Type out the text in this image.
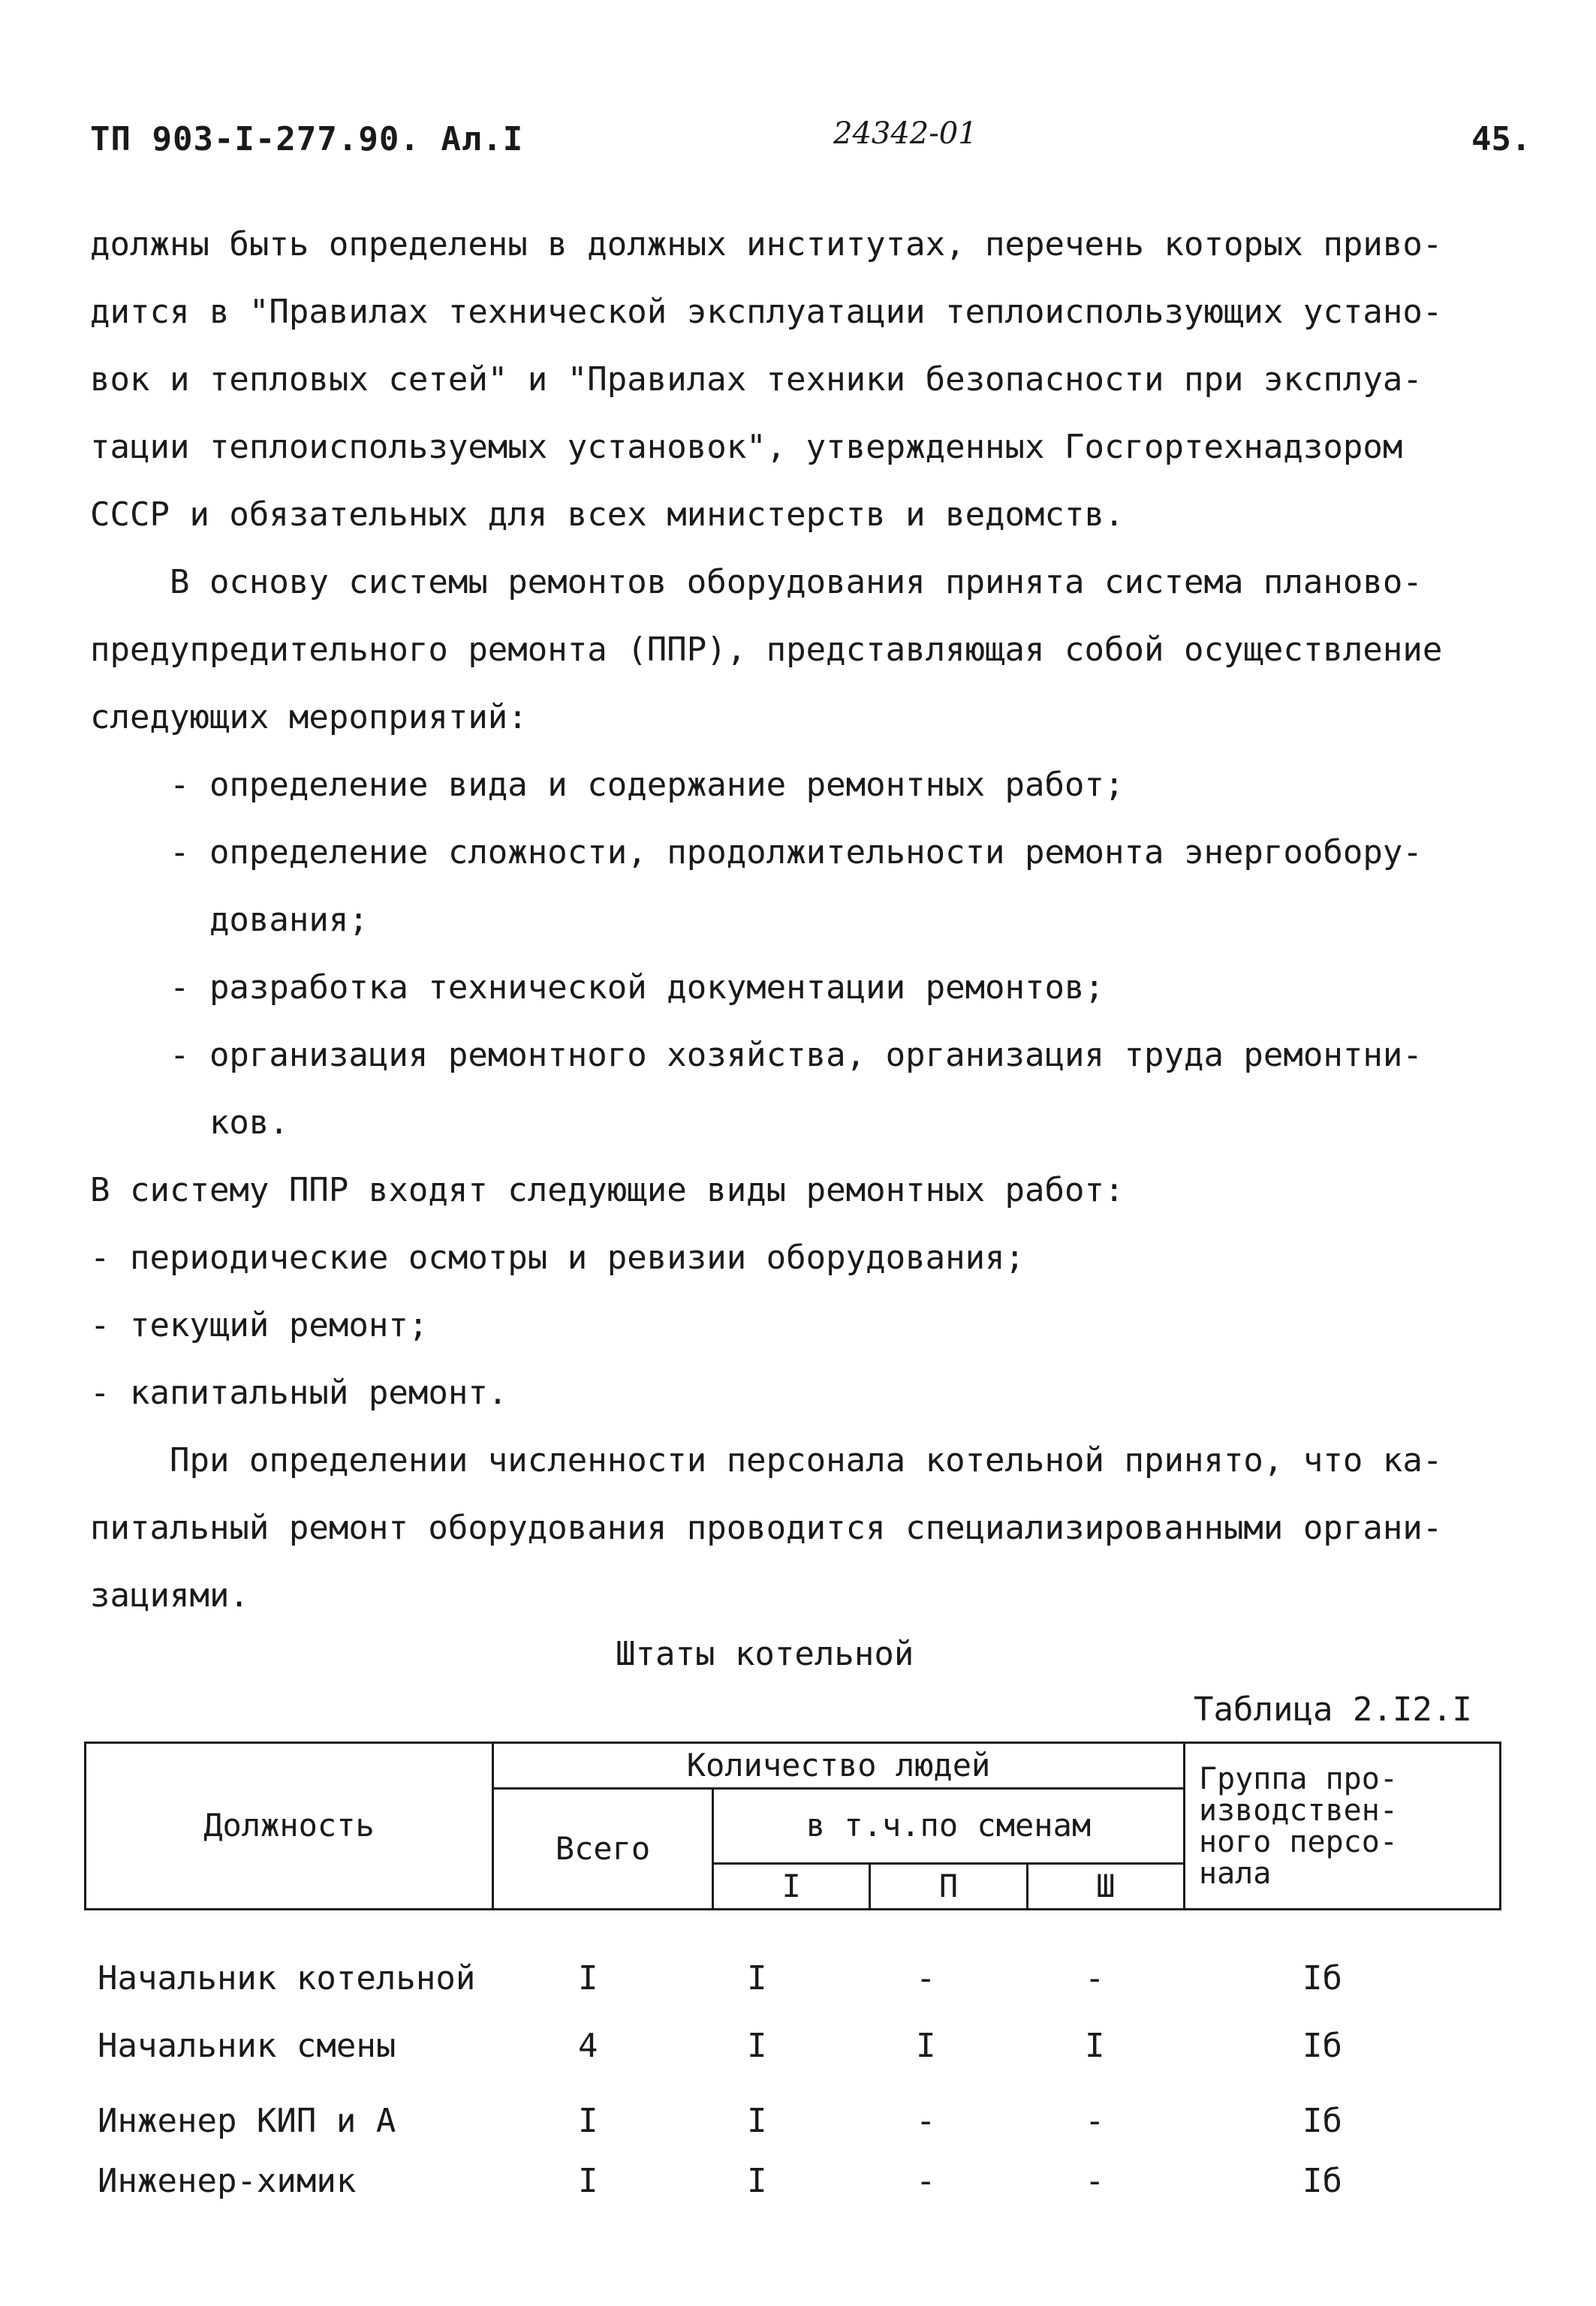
ТП 903-I-277.90. Ал.I	24342-01	45.
должны быть определены в должных институтах, перечень которых приво-
дится в "Правилах технической эксплуатации теплоиспользующих устано-
вок и тепловых сетей" и "Правилах техники безопасности при эксплуа-
тации теплоиспользуемых установок", утвержденных Госгортехнадзором
СССР и обязательных для всех министерств и ведомств.
В основу системы ремонтов оборудования принята система планово-
предупредительного ремонта (ППР), представляющая собой осуществление
следующих мероприятий:
- определение вида и содержание ремонтных работ;
- определение сложности, продолжительности ремонта энергообору-
дования;
- разработка технической документации ремонтов;
- организация ремонтного хозяйства, организация труда ремонтни-
ков.
В систему ППР входят следующие виды ремонтных работ:
- периодические осмотры и ревизии оборудования;
- текущий ремонт;
- капитальный ремонт.
При определении численности персонала котельной принято, что ка-
питальный ремонт оборудования проводится специализированными органи-
зациями.
Штаты котельной
Таблица 2.I2.I
Должность	Количество людей				Группа про-
изводствен-
ного персо-
нала

	Всего	в т.ч.по сменам			
		I	П	Ш	
Начальник котельной	I	I	-	-	Iб
Начальник смены	4	I	I	I	Iб
Инженер КИП и А	I	I	-	-	Iб
Инженер-химик	I	I	-	-	Iб
